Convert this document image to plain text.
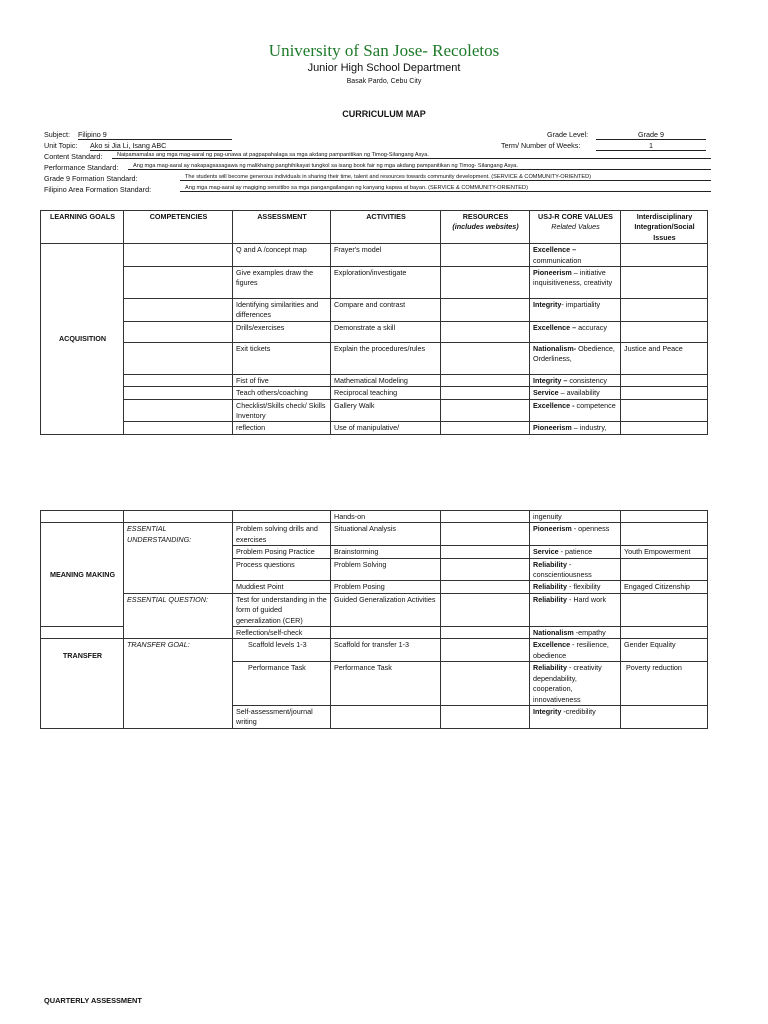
University of San Jose- Recoletos
Junior High School Department
Basak Pardo, Cebu City
CURRICULUM MAP
Subject: Filipino 9
Unit Topic: Ako si Jia Li, Isang ABC
Grade Level:	Grade 9
Term/ Number of Weeks:	1
Content Standard:	Naipamamalas ang mga mag-aaral ng pag-unawa at pagpapahalaga sa mga akdang pampanitikan ng Timog-Silangang Asya.
Performance Standard:	Ang mga mag-aaral ay nakapagsasagawa ng malikhaing panghihikayat tungkol sa isang book fair ng mga akdang pampanitikan ng Timog- Silangang Asya.
Grade 9 Formation Standard:	The students will become generous individuals in sharing their time, talent and resources towards community development. (SERVICE & COMMUNITY-ORIENTED)
Filipino Area Formation Standard:	Ang mga mag-aaral ay magiging sensitibo sa mga pangangailangan ng kanyang kapwa at bayan. (SERVICE & COMMUNITY-ORIENTED)
LEARNING GOALS	COMPETENCIES	ASSESSMENT	ACTIVITIES	RESOURCES
(includes websites)	USJ-R CORE VALUES
Related Values	Interdisciplinary Integration/Social Issues
ACQUISITION		Q and A /concept map	Frayer's model		Excellence – communication	
		Give examples draw the figures	Exploration/investigate		Pioneerism – initiative inquisitiveness, creativity	
		Identifying similarities and differences	Compare and contrast		Integrity- impartiality	
		Drills/exercises	Demonstrate a skill		Excellence – accuracy	
		Exit tickets	Explain the procedures/rules		Nationalism- Obedience, Orderliness,	Justice and Peace
		Fist of five	Mathematical Modeling		Integrity – consistency	
		Teach others/coaching	Reciprocal teaching		Service – availability	
		Checklist/Skills check/ Skills Inventory	Gallery Walk		Excellence - competence	
		reflection	Use of manipulative/		Pioneerism – industry,	
			Hands-on		ingenuity	
MEANING MAKING	ESSENTIAL UNDERSTANDING:	Problem solving drills and exercises	Situational Analysis		Pioneerism - openness	
		Problem Posing Practice	Brainstorming		Service - patience	Youth Empowerment
		Process questions	Problem Solving		Reliability - conscientiousness	
		Muddiest Point	Problem Posing		Reliability - flexibility	Engaged Citizenship
	ESSENTIAL QUESTION:	Test for understanding in the form of guided generalization (CER)	Guided Generalization Activities		Reliability - Hard work	
		Reflection/self-check			Nationalism -empathy	
TRANSFER	TRANSFER GOAL:	Scaffold levels 1-3	Scaffold for transfer 1-3		Excellence - resilience, obedience	Gender Equality
		Performance Task	Performance Task		Reliability - creativity dependability, cooperation, innovativeness	Poverty reduction
		Self-assessment/journal writing			Integrity -credibility	
QUARTERLY ASSESSMENT
